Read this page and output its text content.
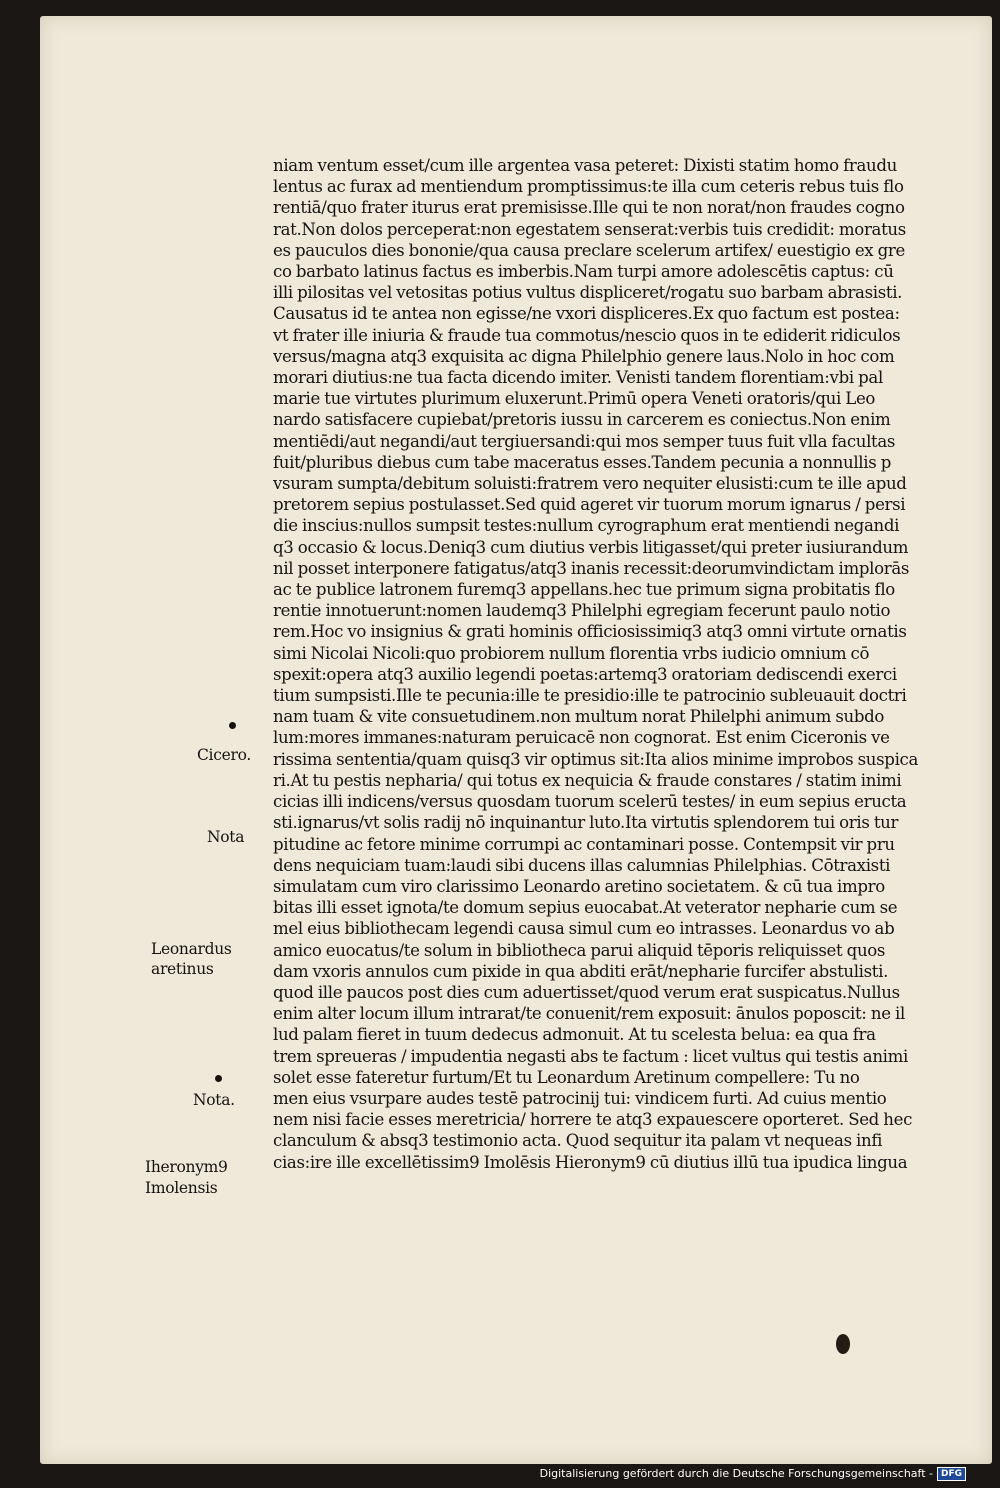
niam ventum esset/cum ille argentea vasa peteret: Dixisti statim homo fraudu
lentus ac furax ad mentiendum promptissimus:te illa cum ceteris rebus tuis flo
rentiā/quo frater iturus erat premisisse.Ille qui te non norat/non fraudes cogno
rat.Non dolos perceperat:non egestatem senserat:verbis tuis credidit: moratus
es pauculos dies bononie/qua causa preclare scelerum artifex/ euestigio ex gre
co barbato latinus factus es imberbis.Nam turpi amore adolescētis captus: cū
illi pilositas vel vetositas potius vultus displiceret/rogatu suo barbam abrasisti.
Causatus id te antea non egisse/ne vxori displiceres.Ex quo factum est postea:
vt frater ille iniuria & fraude tua commotus/nescio quos in te ediderit ridiculos
versus/magna atq3 exquisita ac digna Philelphio genere laus.Nolo in hoc com
morari diutius:ne tua facta dicendo imiter. Venisti tandem florentiam:vbi pal
marie tue virtutes plurimum eluxerunt.Primū opera Veneti oratoris/qui Leo
nardo satisfacere cupiebat/pretoris iussu in carcerem es coniectus.Non enim
mentiēdi/aut negandi/aut tergiuersandi:qui mos semper tuus fuit vlla facultas
fuit/pluribus diebus cum tabe maceratus esses.Tandem pecunia a nonnullis p
vsuram sumpta/debitum soluisti:fratrem vero nequiter elusisti:cum te ille apud
pretorem sepius postulasset.Sed quid ageret vir tuorum morum ignarus / persi
die inscius:nullos sumpsit testes:nullum cyrographum erat mentiendi negandi
q3 occasio & locus.Deniq3 cum diutius verbis litigasset/qui preter iusiurandum
nil posset interponere fatigatus/atq3 inanis recessit:deorumvindictam implorās
ac te publice latronem furemq3 appellans.hec tue primum signa probitatis flo
rentie innotuerunt:nomen laudemq3 Philelphi egregiam fecerunt paulo notio
rem.Hoc vo insignius & grati hominis officiosissimiq3 atq3 omni virtute ornatis
simi Nicolai Nicoli:quo probiorem nullum florentia vrbs iudicio omnium cō
spexit:opera atq3 auxilio legendi poetas:artemq3 oratoriam dediscendi exerci
tium sumpsisti.Ille te pecunia:ille te presidio:ille te patrocinio subleuauit doctri
nam tuam & vite consuetudinem.non multum norat Philelphi animum subdo
lum:mores immanes:naturam peruicacē non cognorat. Est enim Ciceronis ve
rissima sententia/quam quisq3 vir optimus sit:Ita alios minime improbos suspica
ri.At tu pestis nepharia/ qui totus ex nequicia & fraude constares / statim inimi
cicias illi indicens/versus quosdam tuorum scelerū testes/ in eum sepius eructa
sti.ignarus/vt solis radij nō inquinantur luto.Ita virtutis splendorem tui oris tur
pitudine ac fetore minime corrumpi ac contaminari posse. Contempsit vir pru
dens nequiciam tuam:laudi sibi ducens illas calumnias Philelphias. Cōtraxisti
simulatam cum viro clarissimo Leonardo aretino societatem. & cū tua impro
bitas illi esset ignota/te domum sepius euocabat.At veterator nepharie cum se
mel eius bibliothecam legendi causa simul cum eo intrasses. Leonardus vo ab
amico euocatus/te solum in bibliotheca parui aliquid tēporis reliquisset quos
dam vxoris annulos cum pixide in qua abditi erāt/nepharie furcifer abstulisti.
quod ille paucos post dies cum aduertisset/quod verum erat suspicatus.Nullus
enim alter locum illum intrarat/te conuenit/rem exposuit: ānulos poposcit: ne il
lud palam fieret in tuum dedecus admonuit. At tu scelesta belua: ea qua fra
trem spreueras / impudentia negasti abs te factum : licet vultus qui testis animi
solet esse fateretur furtum/Et tu Leonardum Aretinum compellere: Tu no
men eius vsurpare audes testē patrocinij tui: vindicem furti. Ad cuius mentio
nem nisi facie esses meretricia/ horrere te atq3 expauescere oporteret. Sed hec
clanculum & absq3 testimonio acta. Quod sequitur ita palam vt nequeas infi
cias:ire ille excellētissim9 Imolēsis Hieronym9 cū diutius illū tua ipudica lingua
Cicero.
Nota
Leonardus
aretinus
Nota.
Iheronym9
Imolensis
Digitalisierung gefördert durch die Deutsche Forschungsgemeinschaft - DFG
